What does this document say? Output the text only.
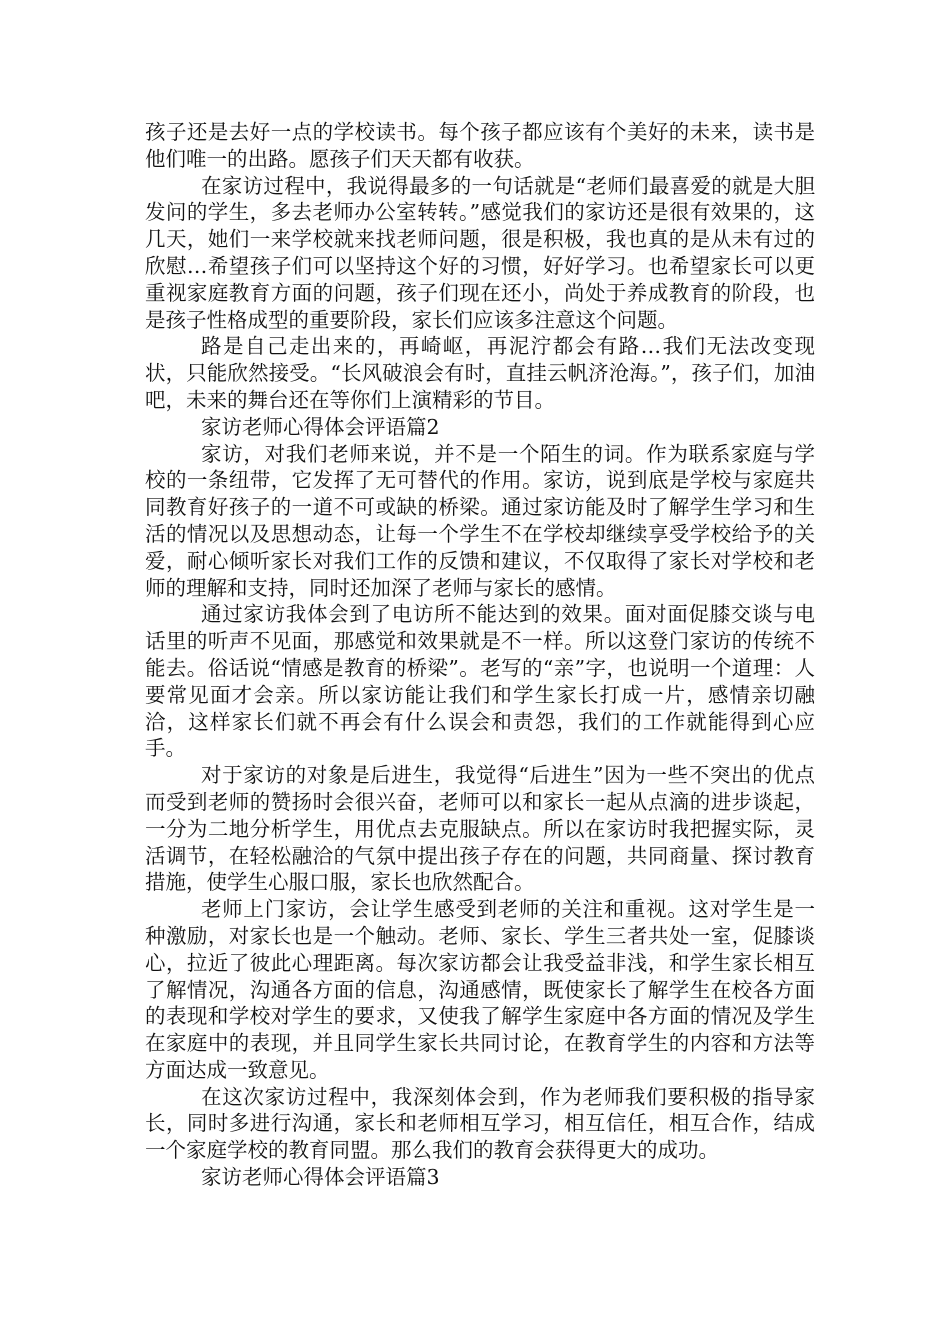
孩子还是去好一点的学校读书。每个孩子都应该有个美好的未来，读书是他们唯一的出路。愿孩子们天天都有收获。

在家访过程中，我说得最多的一句话就是“老师们最喜爱的就是大胆发问的学生，多去老师办公室转转。”感觉我们的家访还是很有效果的，这几天，她们一来学校就来找老师问题，很是积极，我也真的是从未有过的欣慰…希望孩子们可以坚持这个好的习惯，好好学习。也希望家长可以更重视家庭教育方面的问题，孩子们现在还小，尚处于养成教育的阶段，也是孩子性格成型的重要阶段，家长们应该多注意这个问题。

路是自己走出来的，再崎岖，再泥泞都会有路…我们无法改变现状，只能欣然接受。“长风破浪会有时，直挂云帆济沧海。”，孩子们，加油吧，未来的舞台还在等你们上演精彩的节目。

家访老师心得体会评语篇2

家访，对我们老师来说，并不是一个陌生的词。作为联系家庭与学校的一条纽带，它发挥了无可替代的作用。家访，说到底是学校与家庭共同教育好孩子的一道不可或缺的桥梁。通过家访能及时了解学生学习和生活的情况以及思想动态，让每一个学生不在学校却继续享受学校给予的关爱，耐心倾听家长对我们工作的反馈和建议，不仅取得了家长对学校和老师的理解和支持，同时还加深了老师与家长的感情。

通过家访我体会到了电访所不能达到的效果。面对面促膝交谈与电话里的听声不见面，那感觉和效果就是不一样。所以这登门家访的传统不能去。俗话说“情感是教育的桥梁”。老写的“亲”字，也说明一个道理：人要常见面才会亲。所以家访能让我们和学生家长打成一片，感情亲切融洽，这样家长们就不再会有什么误会和责怨，我们的工作就能得到心应手。

对于家访的对象是后进生，我觉得“后进生”因为一些不突出的优点而受到老师的赞扬时会很兴奋，老师可以和家长一起从点滴的进步谈起，一分为二地分析学生，用优点去克服缺点。所以在家访时我把握实际，灵活调节，在轻松融洽的气氛中提出孩子存在的问题，共同商量、探讨教育措施，使学生心服口服，家长也欣然配合。

老师上门家访，会让学生感受到老师的关注和重视。这对学生是一种激励，对家长也是一个触动。老师、家长、学生三者共处一室，促膝谈心，拉近了彼此心理距离。每次家访都会让我受益非浅，和学生家长相互了解情况，沟通各方面的信息，沟通感情，既使家长了解学生在校各方面的表现和学校对学生的要求，又使我了解学生家庭中各方面的情况及学生在家庭中的表现，并且同学生家长共同讨论，在教育学生的内容和方法等方面达成一致意见。

在这次家访过程中，我深刻体会到，作为老师我们要积极的指导家长，同时多进行沟通，家长和老师相互学习，相互信任，相互合作，结成一个家庭学校的教育同盟。那么我们的教育会获得更大的成功。

家访老师心得体会评语篇3
